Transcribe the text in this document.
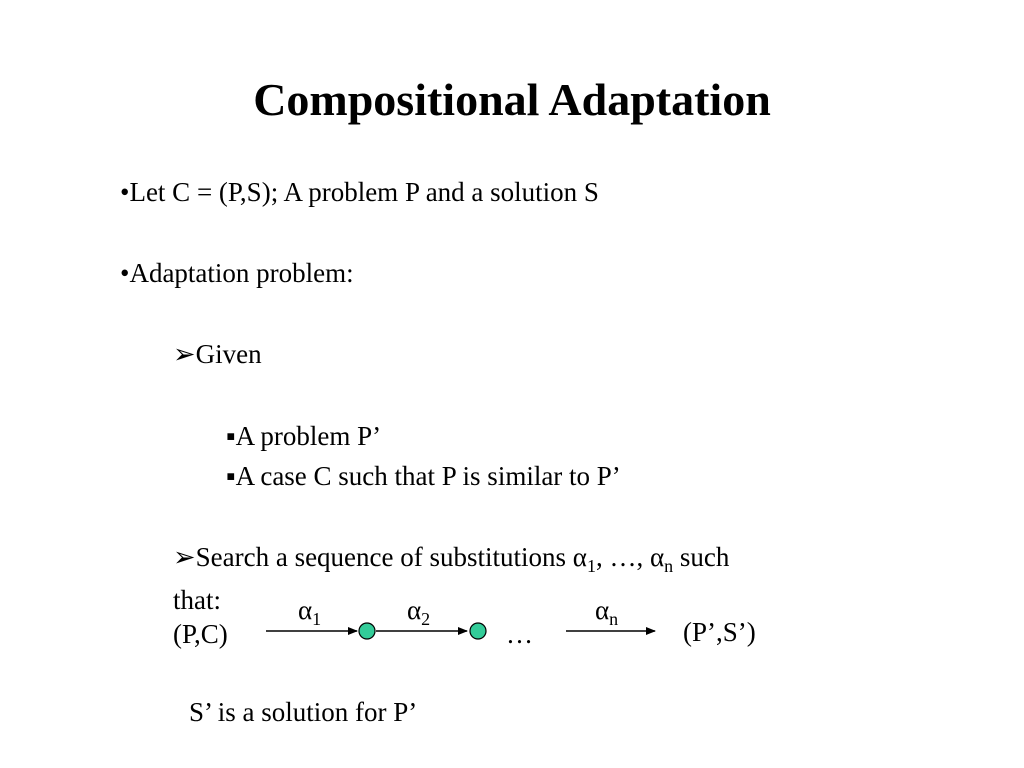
Compositional Adaptation
•Let C = (P,S); A problem P and a solution S
•Adaptation problem:
➢Given
▪A problem P’
▪A case C such that P is similar to P’
➢Search a sequence of substitutions $\alpha_1$, …, $\alpha_n$ such
that:
(P,C)
$\alpha_1$	$\alpha_2$	$\alpha_n$
…	(P’,S’)
S’ is a solution for P’
